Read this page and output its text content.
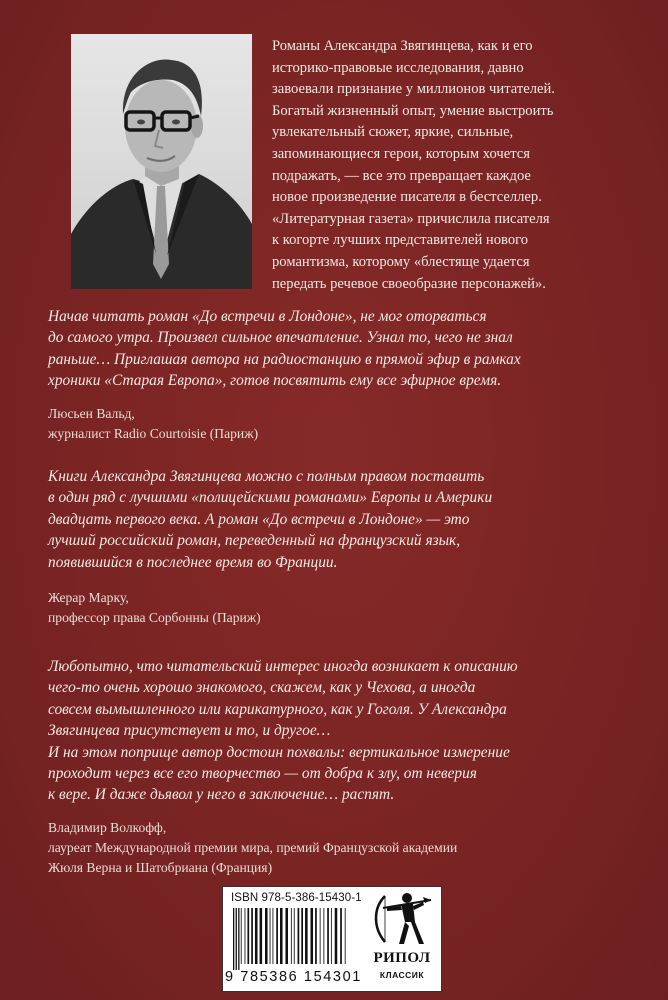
Романы Александра Звягинцева, как и его
историко-правовые исследования, давно
завоевали признание у миллионов читателей.
Богатый жизненный опыт, умение выстроить
увлекательный сюжет, яркие, сильные,
запоминающиеся герои, которым хочется
подражать, — все это превращает каждое
новое произведение писателя в бестселлер.
«Литературная газета» причислила писателя
к когорте лучших представителей нового
романтизма, которому «блестяще удается
передать речевое своеобразие персонажей».
Начав читать роман «До встречи в Лондоне», не мог оторваться
до самого утра. Произвел сильное впечатление. Узнал то, чего не знал
раньше… Приглашая автора на радиостанцию в прямой эфир в рамках
хроники «Старая Европа», готов посвятить ему все эфирное время.
Люсьен Вальд,
журналист Radio Courtoisie (Париж)
Книги Александра Звягинцева можно с полным правом поставить
в один ряд с лучшими «полицейскими романами» Европы и Америки
двадцать первого века. А роман «До встречи в Лондоне» — это
лучший российский роман, переведенный на французский язык,
появившийся в последнее время во Франции.
Жерар Марку,
профессор права Сорбонны (Париж)
Любопытно, что читательский интерес иногда возникает к описанию
чего-то очень хорошо знакомого, скажем, как у Чехова, а иногда
совсем вымышленного или карикатурного, как у Гоголя. У Александра
Звягинцева присутствует и то, и другое…
И на этом поприще автор достоин похвалы: вертикальное измерение
проходит через все его творчество — от добра к злу, от неверия
к вере. И даже дьявол у него в заключение… распят.
Владимир Волкофф,
лауреат Международной премии мира, премий Французской академии
Жюля Верна и Шатобриана (Франция)
ISBN 978-5-386-15430-1
9 785386 154301
РИПОЛ
КЛАССИК
